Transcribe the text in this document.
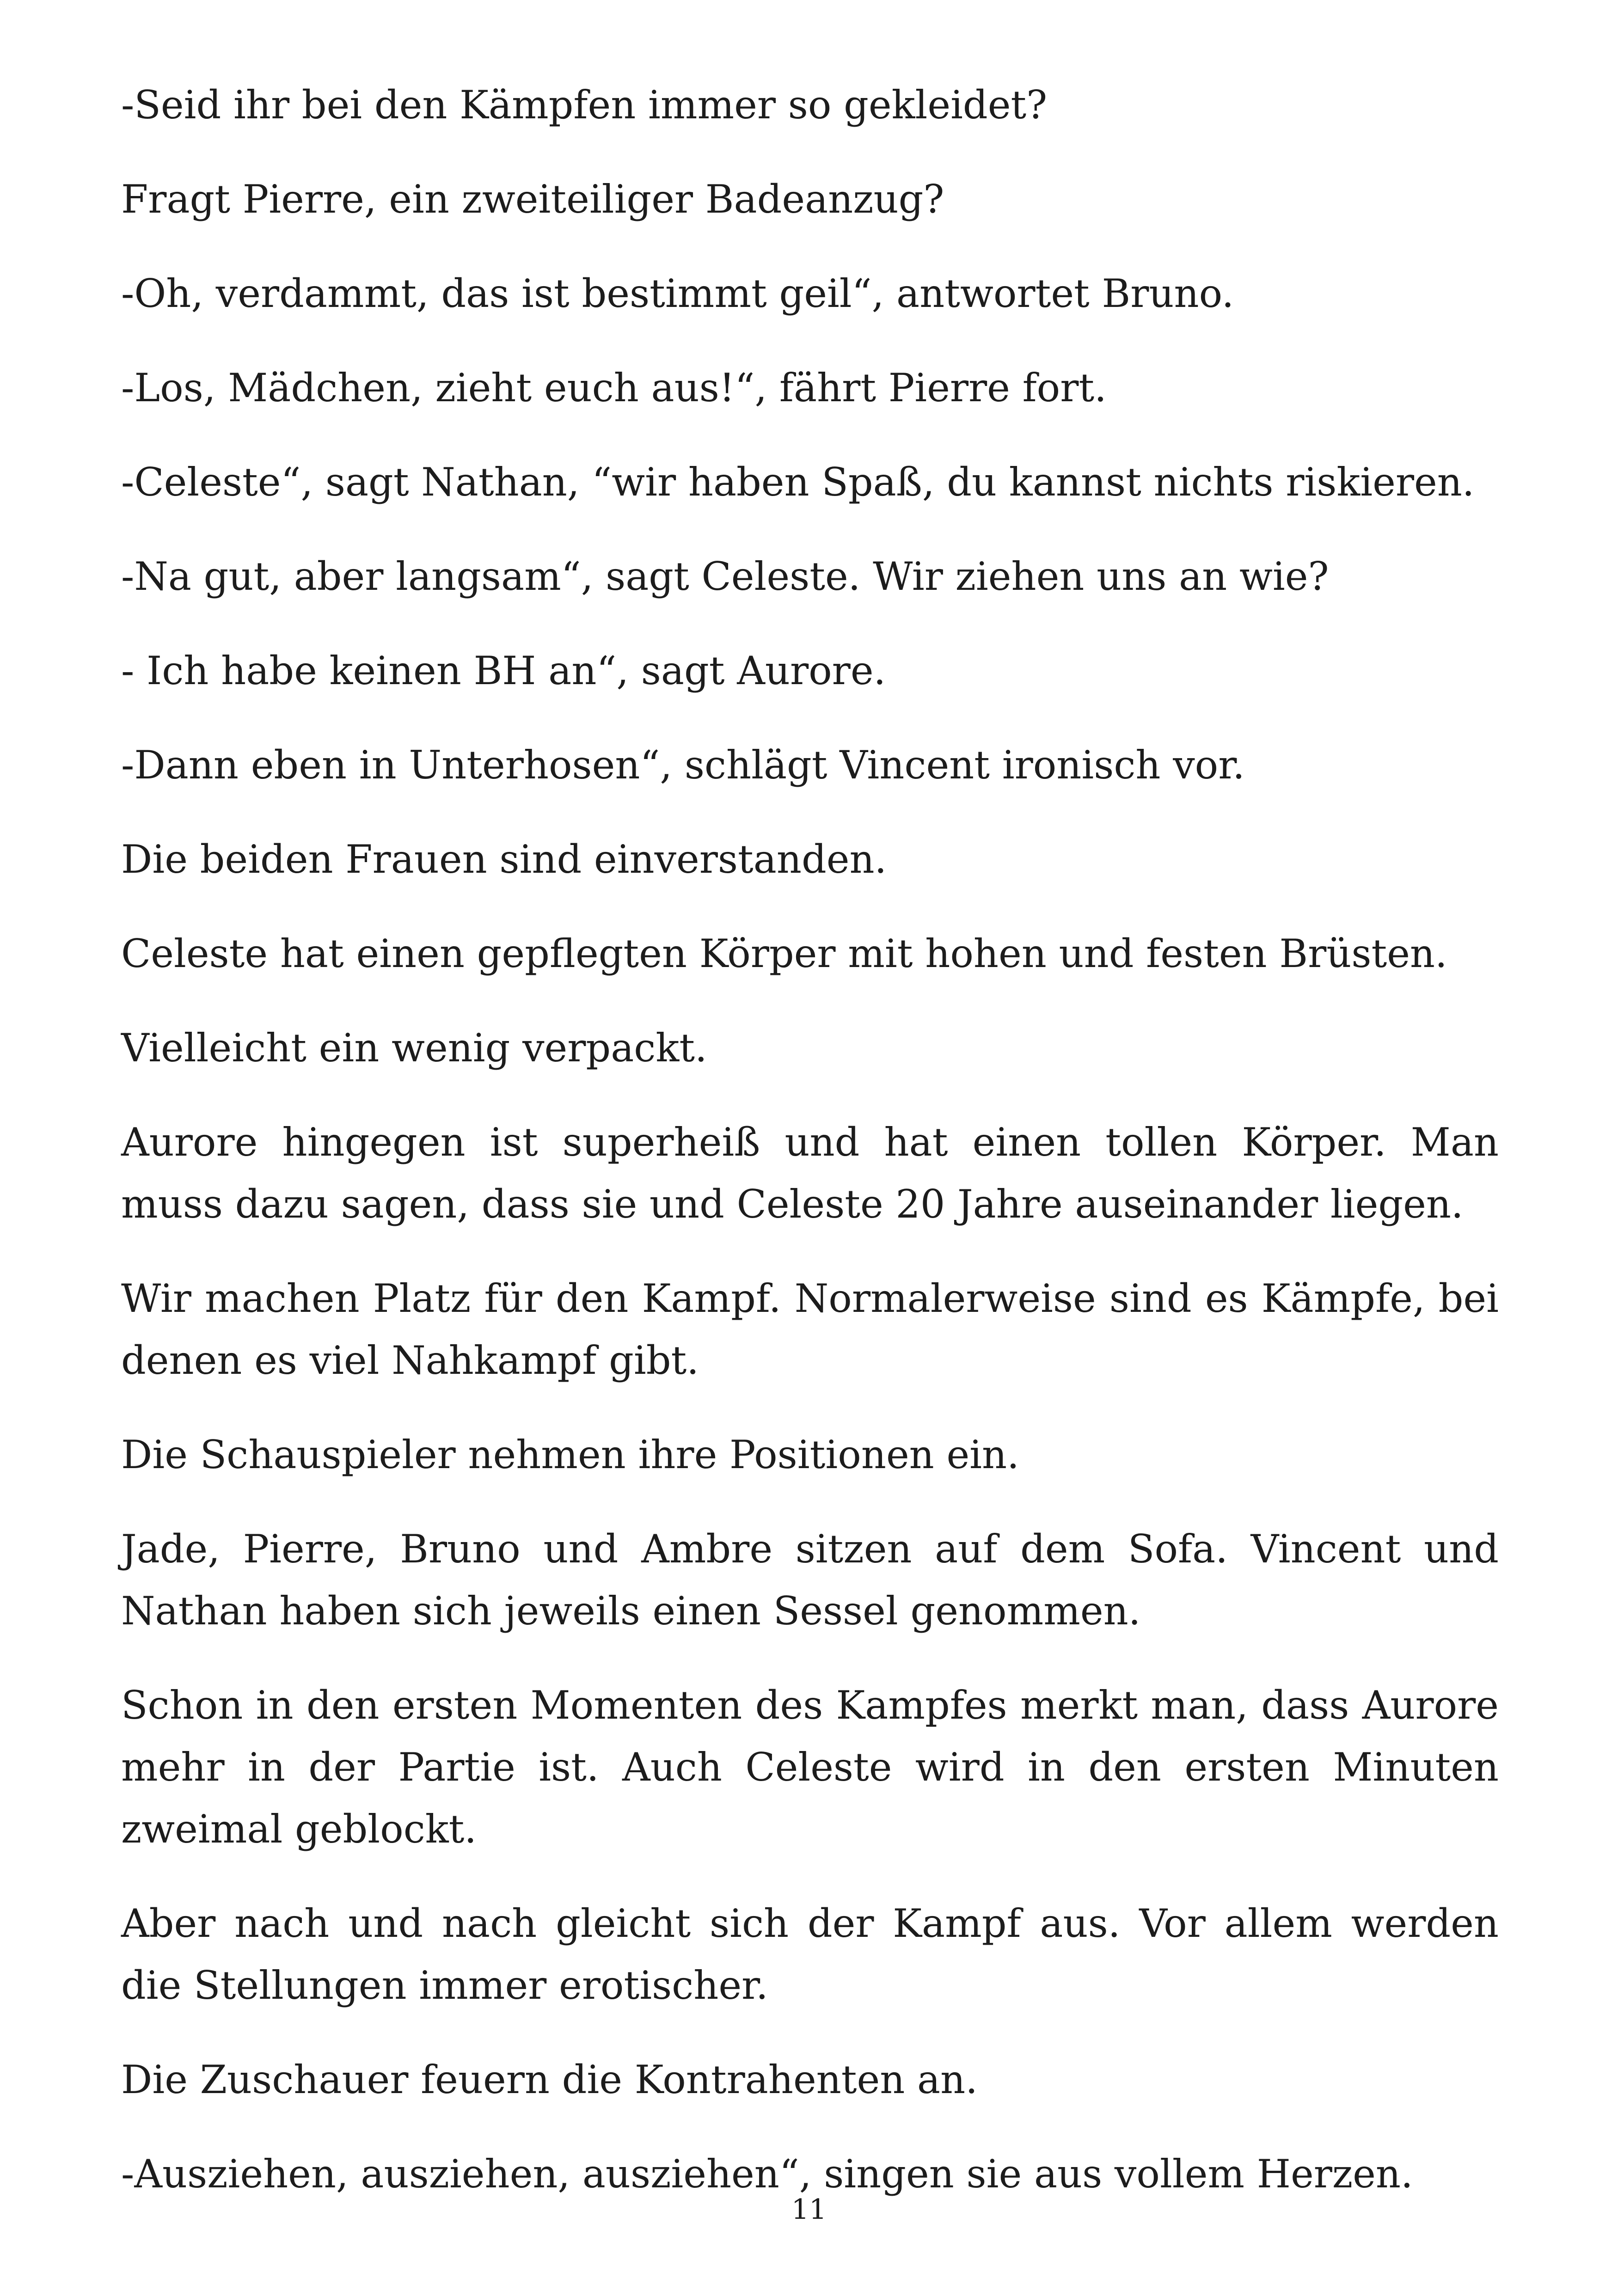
-Seid ihr bei den Kämpfen immer so gekleidet?

Fragt Pierre, ein zweiteiliger Badeanzug?

-Oh, verdammt, das ist bestimmt geil“, antwortet Bruno.

-Los, Mädchen, zieht euch aus!“, fährt Pierre fort.

-Celeste“, sagt Nathan, “wir haben Spaß, du kannst nichts riskieren.

-Na gut, aber langsam“, sagt Celeste. Wir ziehen uns an wie?

- Ich habe keinen BH an“, sagt Aurore.

-Dann eben in Unterhosen“, schlägt Vincent ironisch vor.

Die beiden Frauen sind einverstanden.

Celeste hat einen gepflegten Körper mit hohen und festen Brüsten.

Vielleicht ein wenig verpackt.

Aurore hingegen ist superheiß und hat einen tollen Körper. Man muss dazu sagen, dass sie und Celeste 20 Jahre auseinander liegen.

Wir machen Platz für den Kampf. Normalerweise sind es Kämpfe, bei denen es viel Nahkampf gibt.

Die Schauspieler nehmen ihre Positionen ein.

Jade, Pierre, Bruno und Ambre sitzen auf dem Sofa. Vincent und Nathan haben sich jeweils einen Sessel genommen.

Schon in den ersten Momenten des Kampfes merkt man, dass Aurore mehr in der Partie ist. Auch Celeste wird in den ersten Minuten zweimal geblockt.

Aber nach und nach gleicht sich der Kampf aus. Vor allem werden die Stellungen immer erotischer.

Die Zuschauer feuern die Kontrahenten an.

-Ausziehen, ausziehen, ausziehen“, singen sie aus vollem Herzen.

11
